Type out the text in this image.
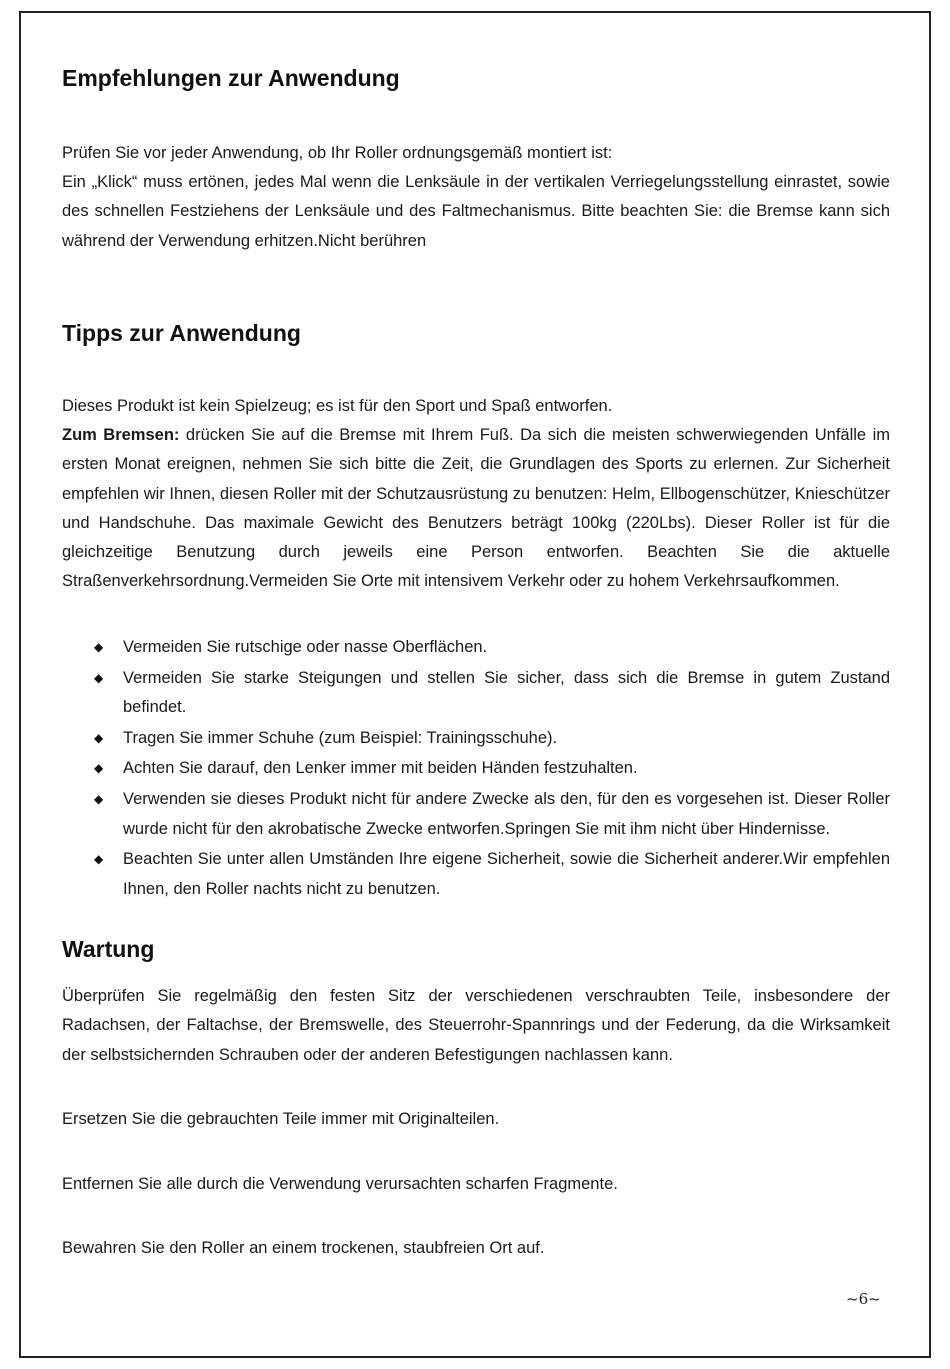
Empfehlungen zur Anwendung

Prüfen Sie vor jeder Anwendung, ob Ihr Roller ordnungsgemäß montiert ist:

Ein „Klick“ muss ertönen, jedes Mal wenn die Lenksäule in der vertikalen Verriegelungsstellung einrastet, sowie des schnellen Festziehens der Lenksäule und des Faltmechanismus. Bitte beachten Sie: die Bremse kann sich während der Verwendung erhitzen.Nicht berühren

Tipps zur Anwendung

Dieses Produkt ist kein Spielzeug; es ist für den Sport und Spaß entworfen.

Zum Bremsen: drücken Sie auf die Bremse mit Ihrem Fuß. Da sich die meisten schwerwiegenden Unfälle im ersten Monat ereignen, nehmen Sie sich bitte die Zeit, die Grundlagen des Sports zu erlernen. Zur Sicherheit empfehlen wir Ihnen, diesen Roller mit der Schutzausrüstung zu benutzen: Helm, Ellbogenschützer, Knieschützer und Handschuhe. Das maximale Gewicht des Benutzers beträgt 100kg (220Lbs). Dieser Roller ist für die gleichzeitige Benutzung durch jeweils eine Person entworfen. Beachten Sie die aktuelle Straßenverkehrsordnung.Vermeiden Sie Orte mit intensivem Verkehr oder zu hohem Verkehrsaufkommen.

◆ Vermeiden Sie rutschige oder nasse Oberflächen.
◆ Vermeiden Sie starke Steigungen und stellen Sie sicher, dass sich die Bremse in gutem Zustand befindet.
◆ Tragen Sie immer Schuhe (zum Beispiel: Trainingsschuhe).
◆ Achten Sie darauf, den Lenker immer mit beiden Händen festzuhalten.
◆ Verwenden sie dieses Produkt nicht für andere Zwecke als den, für den es vorgesehen ist. Dieser Roller wurde nicht für den akrobatische Zwecke entworfen.Springen Sie mit ihm nicht über Hindernisse.
◆ Beachten Sie unter allen Umständen Ihre eigene Sicherheit, sowie die Sicherheit anderer.Wir empfehlen Ihnen, den Roller nachts nicht zu benutzen.
Wartung

Überprüfen Sie regelmäßig den festen Sitz der verschiedenen verschraubten Teile, insbesondere der Radachsen, der Faltachse, der Bremswelle, des Steuerrohr-Spannrings und der Federung, da die Wirksamkeit der selbstsichernden Schrauben oder der anderen Befestigungen nachlassen kann.

Ersetzen Sie die gebrauchten Teile immer mit Originalteilen.

Entfernen Sie alle durch die Verwendung verursachten scharfen Fragmente.

Bewahren Sie den Roller an einem trockenen, staubfreien Ort auf.

~6~
